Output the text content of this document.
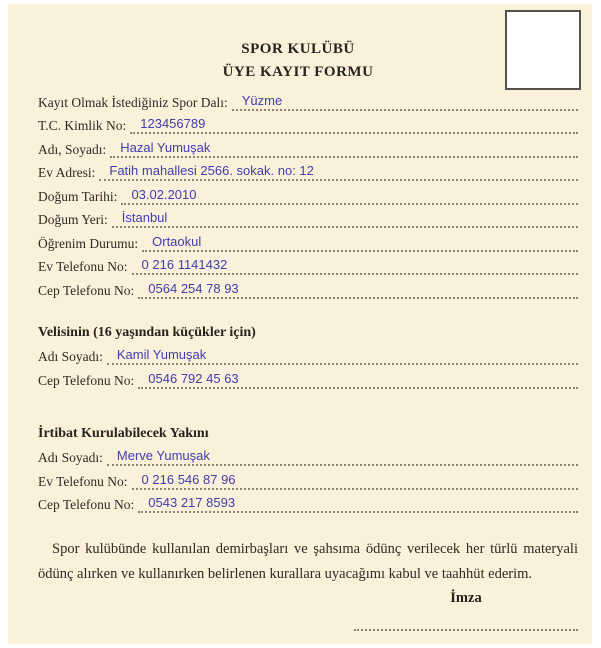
SPOR KULÜBÜ
ÜYE KAYIT FORMU
Kayıt Olmak İstediğiniz Spor Dalı:	Yüzme
T.C. Kimlik No:	123456789
Adı, Soyadı:	Hazal Yumuşak
Ev Adresi:	Fatih mahallesi 2566. sokak. no: 12
Doğum Tarihi:	03.02.2010
Doğum Yeri:	İstanbul
Öğrenim Durumu:	Ortaokul
Ev Telefonu No:	0 216 1141432
Cep Telefonu No:	0564 254 78 93
Velisinin (16 yaşından küçükler için)
Adı Soyadı:	Kamil Yumuşak
Cep Telefonu No:	0546 792 45 63
İrtibat Kurulabilecek Yakını
Adı Soyadı:	Merve Yumuşak
Ev Telefonu No:	0 216 546 87 96
Cep Telefonu No:	0543 217 8593
Spor kulübünde kullanılan demirbaşları ve şahsıma ödünç verilecek her türlü materyali ödünç alırken ve kullanırken belirlenen kurallara uyacağımı kabul ve taahhüt ederim.
İmza
